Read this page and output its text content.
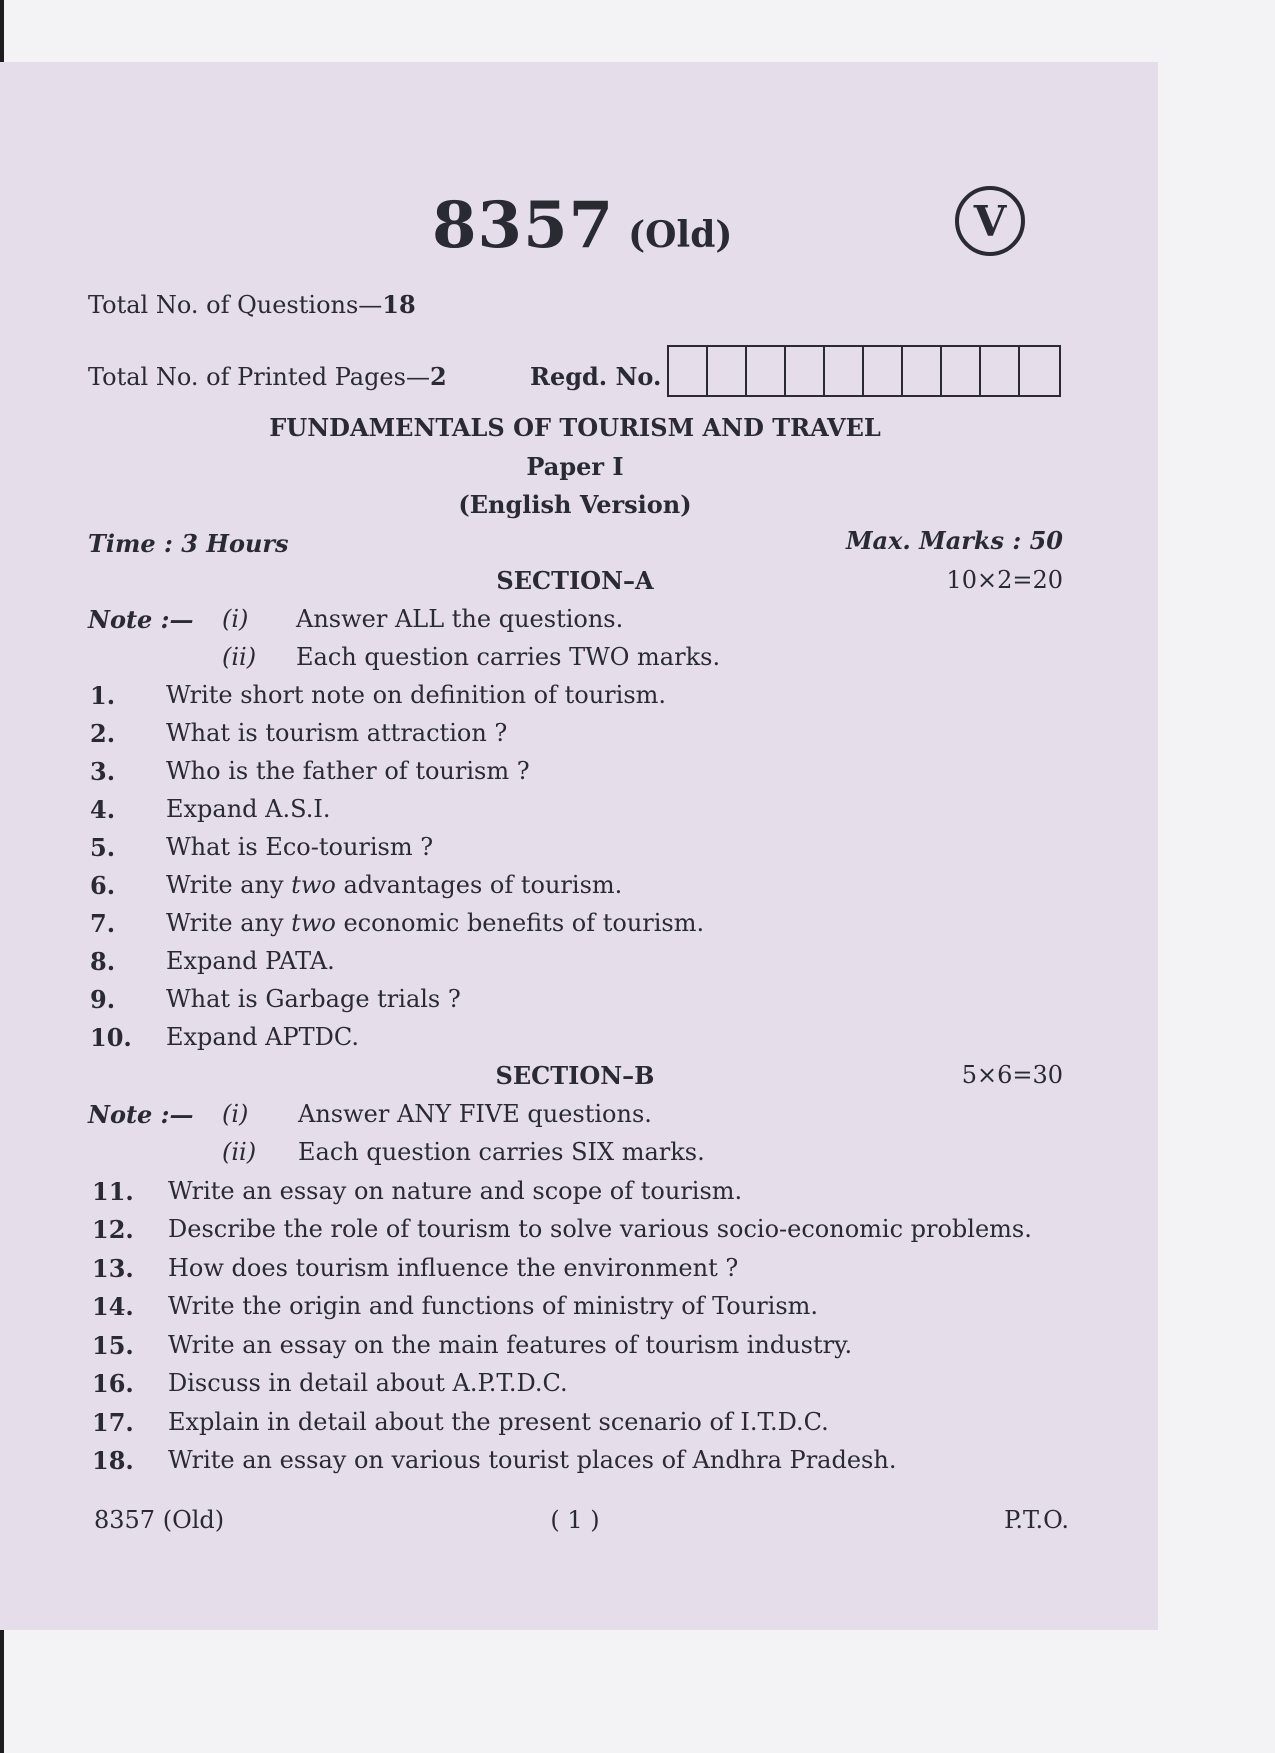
8357 (Old)	V
Total No. of Questions—18
Total No. of Printed Pages—2	Regd. No.
FUNDAMENTALS OF TOURISM AND TRAVEL
Paper I
(English Version)
Time : 3 Hours	Max. Marks : 50
SECTION–A	10×2=20
Note :— (i) Answer ALL the questions.
(ii) Each question carries TWO marks.
1. Write short note on definition of tourism.
2. What is tourism attraction ?
3. Who is the father of tourism ?
4. Expand A.S.I.
5. What is Eco-tourism ?
6. Write any two advantages of tourism.
7. Write any two economic benefits of tourism.
8. Expand PATA.
9. What is Garbage trials ?
10. Expand APTDC.
SECTION–B	5×6=30
Note :— (i) Answer ANY FIVE questions.
(ii) Each question carries SIX marks.
11. Write an essay on nature and scope of tourism.
12. Describe the role of tourism to solve various socio-economic problems.
13. How does tourism influence the environment ?
14. Write the origin and functions of ministry of Tourism.
15. Write an essay on the main features of tourism industry.
16. Discuss in detail about A.P.T.D.C.
17. Explain in detail about the present scenario of I.T.D.C.
18. Write an essay on various tourist places of Andhra Pradesh.
8357 (Old)	( 1 )	P.T.O.
